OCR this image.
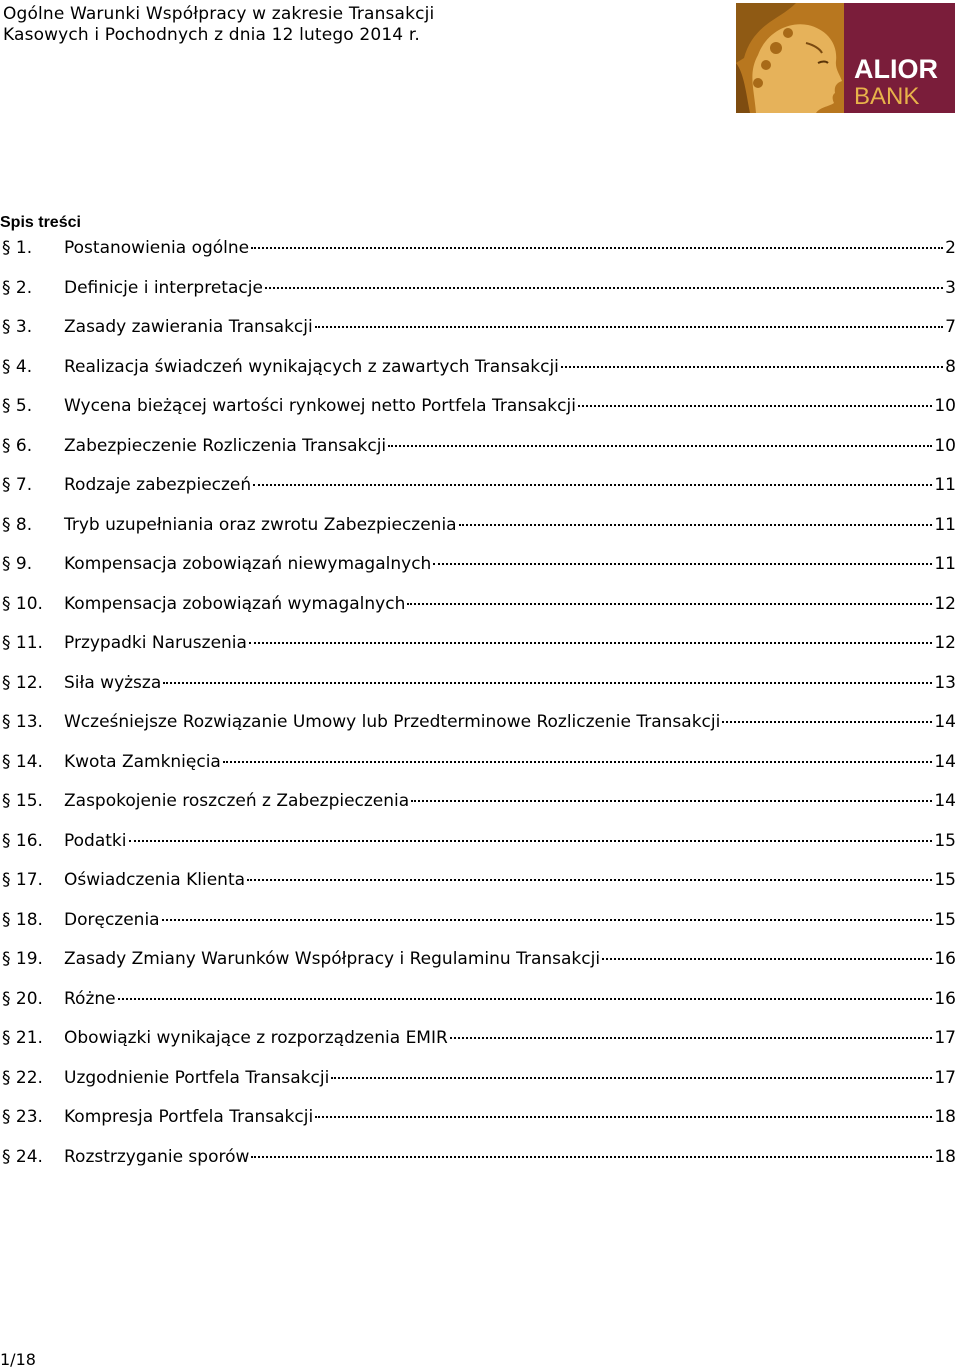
Ogólne Warunki Współpracy w zakresie Transakcji
Kasowych i Pochodnych z dnia 12 lutego 2014 r.
ALIOR
BANK
Spis treści
§ 1. Postanowienia ogólne	2
§ 2. Definicje i interpretacje	3
§ 3. Zasady zawierania Transakcji	7
§ 4. Realizacja świadczeń wynikających z zawartych Transakcji	8
§ 5. Wycena bieżącej wartości rynkowej netto Portfela Transakcji	10
§ 6. Zabezpieczenie Rozliczenia Transakcji	10
§ 7. Rodzaje zabezpieczeń	11
§ 8. Tryb uzupełniania oraz zwrotu Zabezpieczenia	11
§ 9. Kompensacja zobowiązań niewymagalnych	11
§ 10. Kompensacja zobowiązań wymagalnych	12
§ 11. Przypadki Naruszenia	12
§ 12. Siła wyższa	13
§ 13. Wcześniejsze Rozwiązanie Umowy lub Przedterminowe Rozliczenie Transakcji	14
§ 14. Kwota Zamknięcia	14
§ 15. Zaspokojenie roszczeń z Zabezpieczenia	14
§ 16. Podatki	15
§ 17. Oświadczenia Klienta	15
§ 18. Doręczenia	15
§ 19. Zasady Zmiany Warunków Współpracy i Regulaminu Transakcji	16
§ 20. Różne	16
§ 21. Obowiązki wynikające z rozporządzenia EMIR	17
§ 22. Uzgodnienie Portfela Transakcji	17
§ 23. Kompresja Portfela Transakcji	18
§ 24. Rozstrzyganie sporów	18
1/18
